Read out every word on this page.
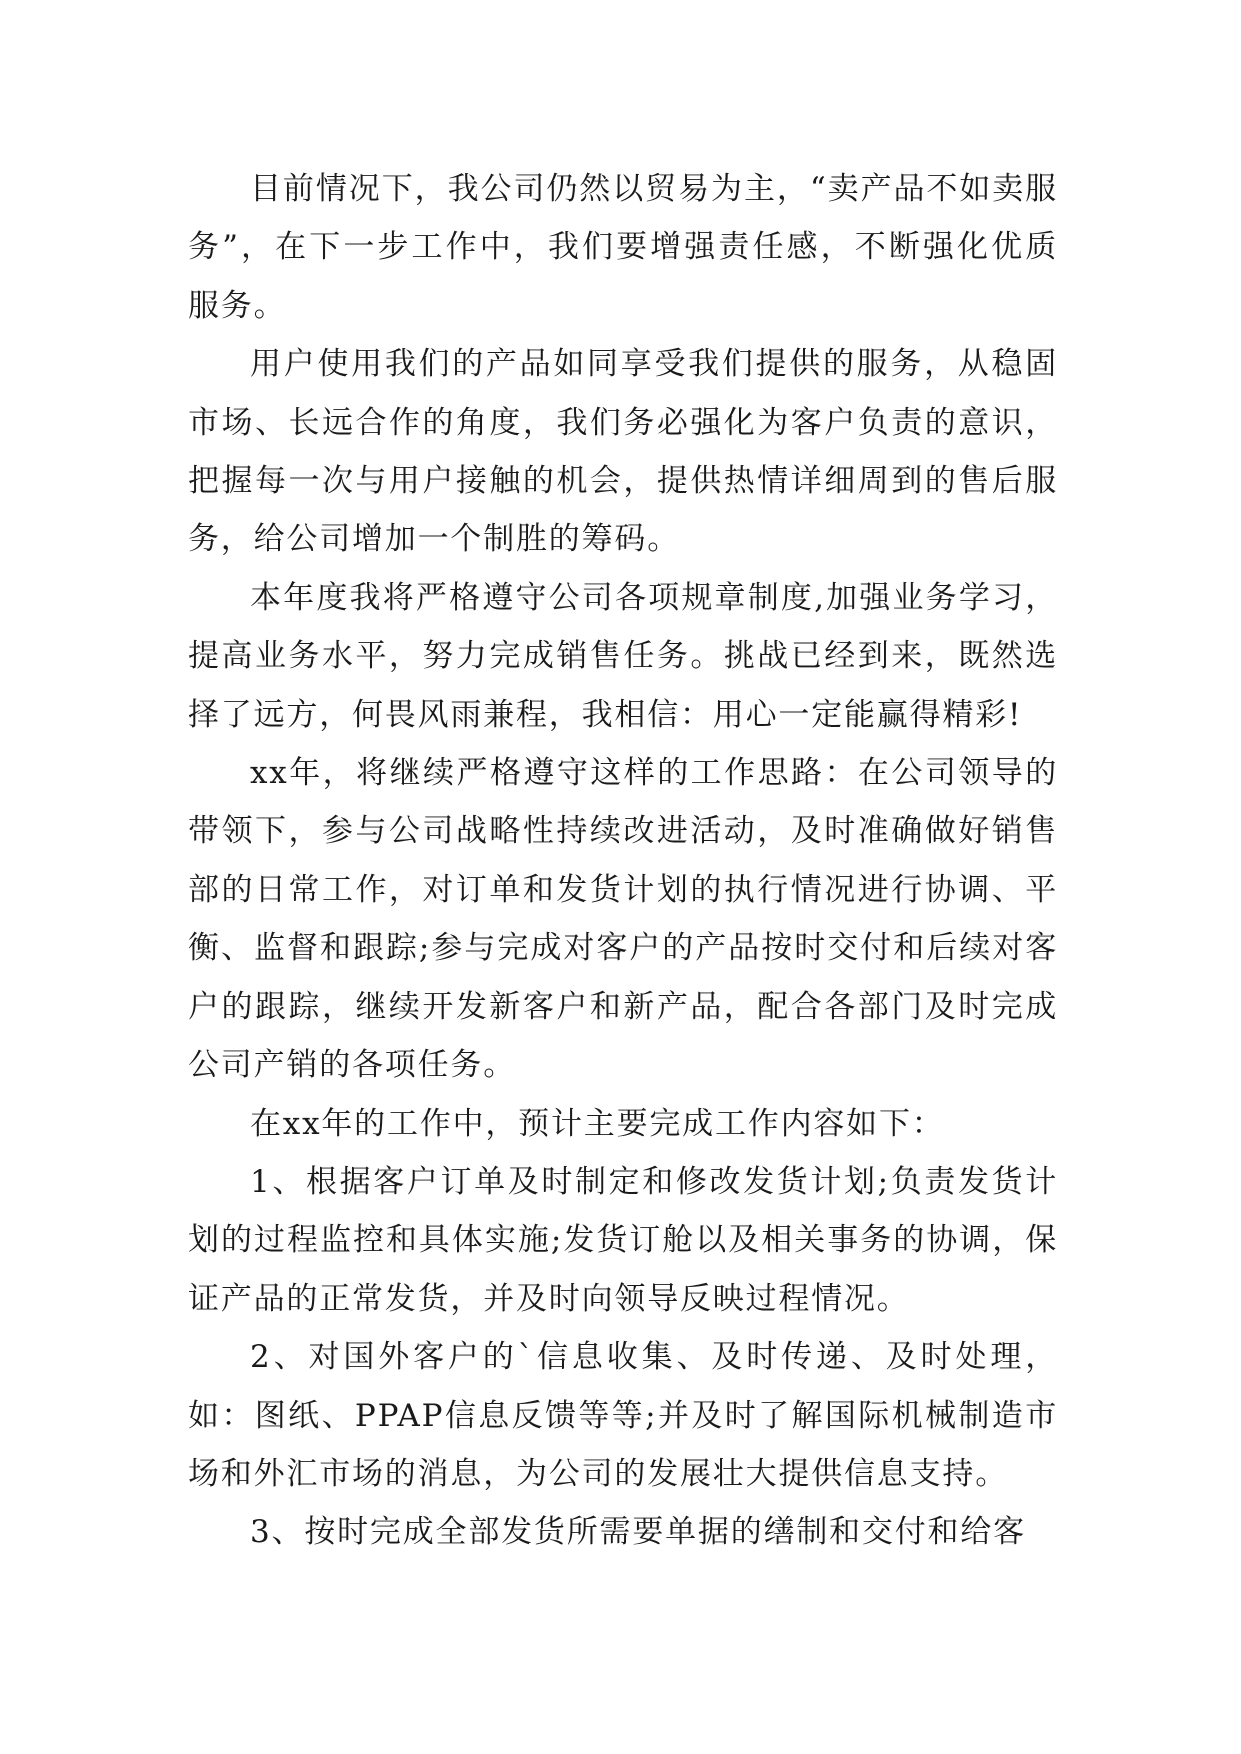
目前情况下，我公司仍然以贸易为主，“卖产品不如卖服务”，在下一步工作中，我们要增强责任感，不断强化优质服务。

用户使用我们的产品如同享受我们提供的服务，从稳固市场、长远合作的角度，我们务必强化为客户负责的意识，把握每一次与用户接触的机会，提供热情详细周到的售后服务，给公司增加一个制胜的筹码。

本年度我将严格遵守公司各项规章制度,加强业务学习，提高业务水平，努力完成销售任务。挑战已经到来，既然选择了远方，何畏风雨兼程，我相信：用心一定能赢得精彩!

xx年，将继续严格遵守这样的工作思路：在公司领导的带领下，参与公司战略性持续改进活动，及时准确做好销售部的日常工作，对订单和发货计划的执行情况进行协调、平衡、监督和跟踪;参与完成对客户的产品按时交付和后续对客户的跟踪，继续开发新客户和新产品，配合各部门及时完成公司产销的各项任务。

在xx年的工作中，预计主要完成工作内容如下：

1、根据客户订单及时制定和修改发货计划;负责发货计划的过程监控和具体实施;发货订舱以及相关事务的协调，保证产品的正常发货，并及时向领导反映过程情况。

2、对国外客户的`信息收集、及时传递、及时处理，如：图纸、PPAP信息反馈等等;并及时了解国际机械制造市场和外汇市场的消息，为公司的发展壮大提供信息支持。

3、按时完成全部发货所需要单据的缮制和交付和给客
